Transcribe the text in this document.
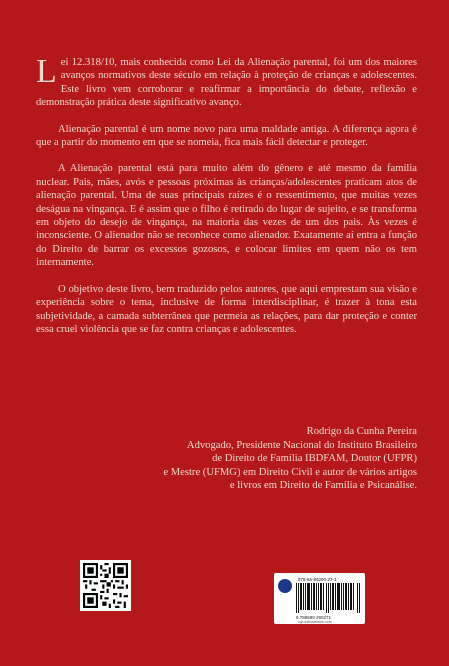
Lei 12.318/10, mais conhecida como Lei da Alienação parental, foi um dos maiores avanços normativos deste século em relação à proteção de crianças e adolescentes. Este livro vem corroborar e reafirmar a importância do debate, reflexão e demonstração prática deste significativo avanço.

Alienação parental é um nome novo para uma maldade antiga. A diferença agora é que a partir do momento em que se nomeia, fica mais fácil detectar e proteger.

A Alienação parental está para muito além do gênero e até mesmo da família nuclear. Pais, mães, avós e pessoas próximas às crianças/adolescentes praticam atos de alienação parental. Uma de suas principais raízes é o ressentimento, que muitas vezes deságua na vingança. E é assim que o filho é retirado do lugar de sujeito, e se transforma em objeto do desejo de vingança, na maioria das vezes de um dos pais. Às vezes é inconsciente. O alienador não se reconhece como alienador. Exatamente aí entra a função do Direito de barrar os excessos gozosos, e colocar limites em quem não os tem internamente.

O objetivo deste livro, bem traduzido pelos autores, que aqui emprestam sua visão e experiência sobre o tema, inclusive de forma interdisciplinar, é trazer à tona esta subjetividade, a camada subterrânea que permeia as relações, para dar proteção e conter essa cruel violência que se faz contra crianças e adolescentes.

Rodrigo da Cunha Pereira
Advogado, Presidente Nacional do Instituto Brasileiro
de Direito de Família IBDFAM, Doutor (UFPR)
e Mestre (UFMG) em Direito Civil e autor de vários artigos
e livros em Direito de Família e Psicanálise.
978-65-89290-27-1
9 786589 290271
loja.editoraforum.com
